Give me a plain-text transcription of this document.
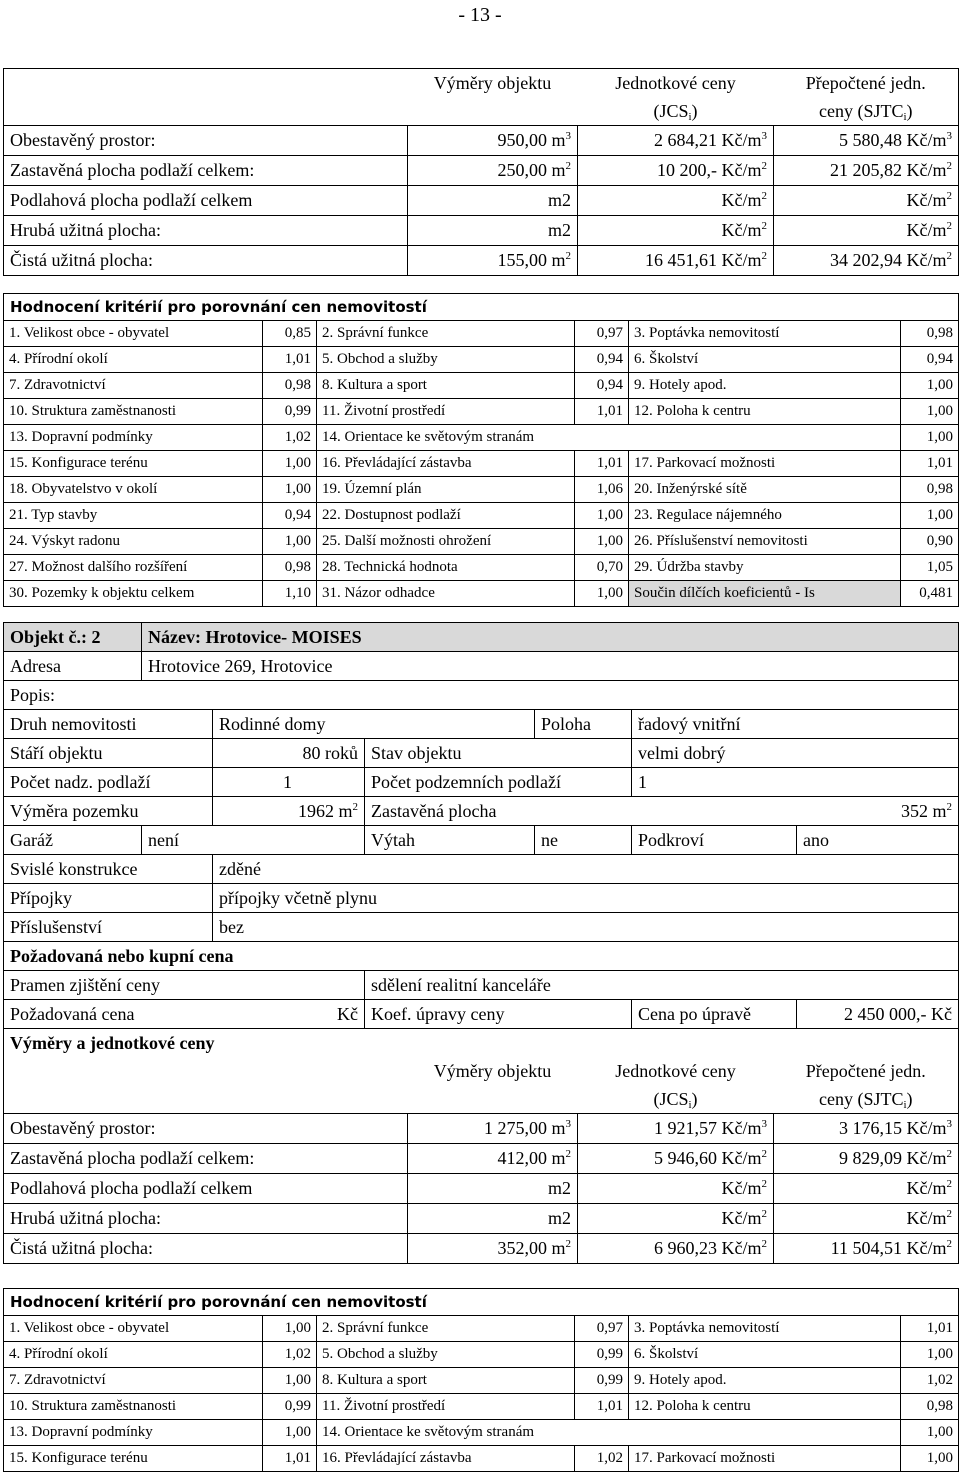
- 13 -
	Výměry objektu	Jednotkové ceny	Přepočtené jedn.
		$(JCS_i)$	ceny $(SJTC_i)$
Obestavěný prostor:	950,00 $m^3$	2 684,21 $Kč/m^3$	5 580,48 $Kč/m^3$
Zastavěná plocha podlaží celkem:	250,00 $m^2$	10 200,- $Kč/m^2$	21 205,82 $Kč/m^2$
Podlahová plocha podlaží celkem	m2	$Kč/m^2$	$Kč/m^2$
Hrubá užitná plocha:	m2	$Kč/m^2$	$Kč/m^2$
Čistá užitná plocha:	155,00 $m^2$	16 451,61 $Kč/m^2$	34 202,94 $Kč/m^2$
Hodnocení kritérií pro porovnání cen nemovitostí					
1. Velikost obce - obyvatel	0,85	2. Správní funkce	0,97	3. Poptávka nemovitostí	0,98
4. Přírodní okolí	1,01	5. Obchod a služby	0,94	6. Školství	0,94
7. Zdravotnictví	0,98	8. Kultura a sport	0,94	9. Hotely apod.	1,00
10. Struktura zaměstnanosti	0,99	11. Životní prostředí	1,01	12. Poloha k centru	1,00
13. Dopravní podmínky	1,02	14. Orientace ke světovým stranám			1,00
15. Konfigurace terénu	1,00	16. Převládající zástavba	1,01	17. Parkovací možnosti	1,01
18. Obyvatelstvo v okolí	1,00	19. Územní plán	1,06	20. Inženýrské sítě	0,98
21. Typ stavby	0,94	22. Dostupnost podlaží	1,00	23. Regulace nájemného	1,00
24. Výskyt radonu	1,00	25. Další možnosti ohrožení	1,00	26. Příslušenství nemovitosti	0,90
27. Možnost dalšího rozšíření	0,98	28. Technická hodnota	0,70	29. Údržba stavby	1,05
30. Pozemky k objektu celkem	1,10	31. Názor odhadce	1,00	Součin dílčích koeficientů - Is	0,481
Objekt č.: 2	Název: Hrotovice- MOISES					
Adresa	Hrotovice 269, Hrotovice					
Popis:						
Druh nemovitosti		Rodinné domy		Poloha	řadový vnitřní	
Stáří objektu		80 roků	Stav objektu		velmi dobrý	
Počet nadz. podlaží		1	Počet podzemních podlaží		1	
Výměra pozemku		1962 $m^2$	Zastavěná plocha		352 $m^2$
Garáž	není		Výtah	ne	Podkroví	ano
Svislé konstrukce		zděné				
Přípojky		přípojky včetně plynu				
Příslušenství		bez				
Požadovaná nebo kupní cena						
Pramen zjištění ceny			sdělení realitní kanceláře			
Požadovaná cena Kč			Koef. úpravy ceny		Cena po úpravě	2 450 000,- Kč
Výměry a jednotkové ceny						
	Výměry objektu	Jednotkové ceny	Přepočtené jedn.
		$(JCS_i)$	ceny $(SJTC_i)$
Obestavěný prostor:	1 275,00 $m^3$	1 921,57 $Kč/m^3$	3 176,15 $Kč/m^3$
Zastavěná plocha podlaží celkem:	412,00 $m^2$	5 946,60 $Kč/m^2$	9 829,09 $Kč/m^2$
Podlahová plocha podlaží celkem	m2	$Kč/m^2$	$Kč/m^2$
Hrubá užitná plocha:	m2	$Kč/m^2$	$Kč/m^2$
Čistá užitná plocha:	352,00 $m^2$	6 960,23 $Kč/m^2$	11 504,51 $Kč/m^2$
Hodnocení kritérií pro porovnání cen nemovitostí					
1. Velikost obce - obyvatel	1,00	2. Správní funkce	0,97	3. Poptávka nemovitostí	1,01
4. Přírodní okolí	1,02	5. Obchod a služby	0,99	6. Školství	1,00
7. Zdravotnictví	1,00	8. Kultura a sport	0,99	9. Hotely apod.	1,02
10. Struktura zaměstnanosti	0,99	11. Životní prostředí	1,01	12. Poloha k centru	0,98
13. Dopravní podmínky	1,00	14. Orientace ke světovým stranám			1,00
15. Konfigurace terénu	1,01	16. Převládající zástavba	1,02	17. Parkovací možnosti	1,00
